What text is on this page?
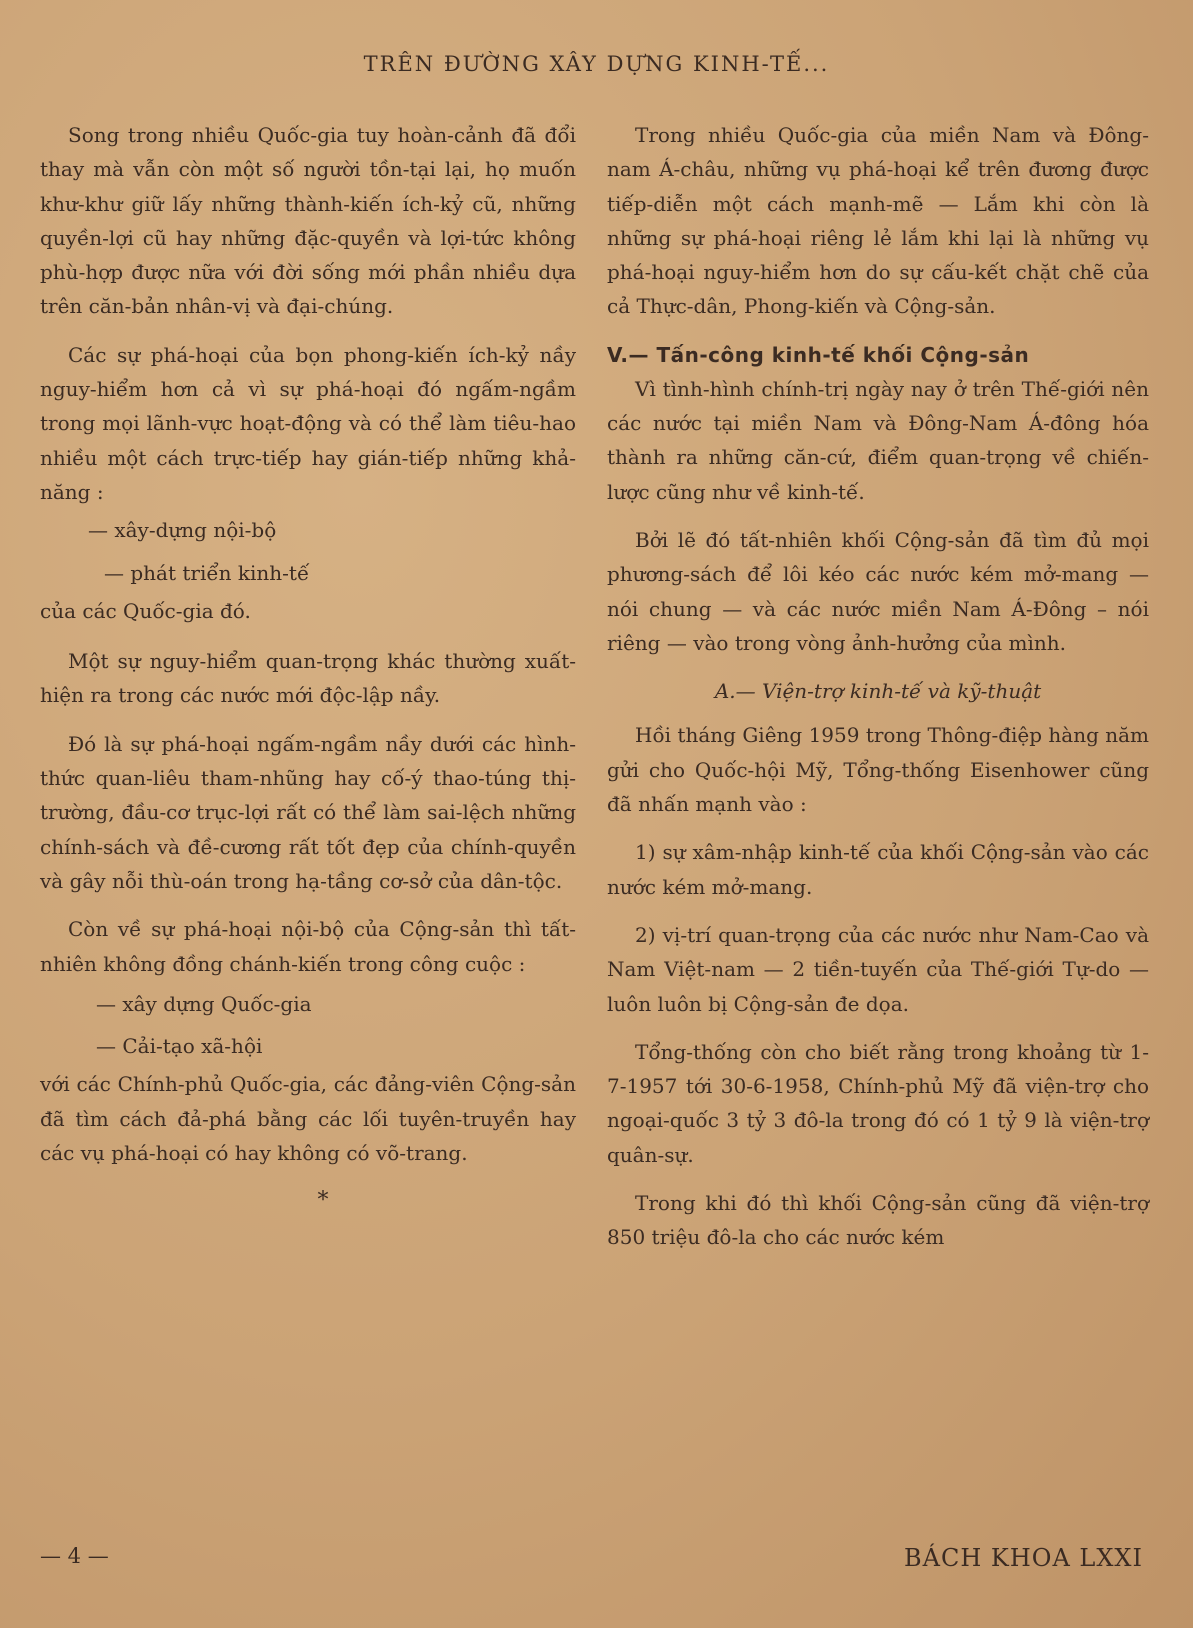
TRÊN ĐƯỜNG XÂY DỰNG KINH-TẾ...

Song trong nhiều Quốc-gia tuy hoàn-cảnh đã đổi thay mà vẫn còn một số người tồn-tại lại, họ muốn khư-khư giữ lấy những thành-kiến ích-kỷ cũ, những quyền-lợi cũ hay những đặc-quyền và lợi-tức không phù-hợp được nữa với đời sống mới phần nhiều dựa trên căn-bản nhân-vị và đại-chúng.

Các sự phá-hoại của bọn phong-kiến ích-kỷ nầy nguy-hiểm hơn cả vì sự phá-hoại đó ngấm-ngầm trong mọi lãnh-vực hoạt-động và có thể làm tiêu-hao nhiều một cách trực-tiếp hay gián-tiếp những khả-năng :

— xây-dựng nội-bộ

— phát triển kinh-tế

của các Quốc-gia đó.

Một sự nguy-hiểm quan-trọng khác thường xuất-hiện ra trong các nước mới độc-lập nầy.

Đó là sự phá-hoại ngấm-ngầm nầy dưới các hình-thức quan-liêu tham-nhũng hay cố-ý thao-túng thị-trường, đầu-cơ trục-lợi rất có thể làm sai-lệch những chính-sách và đề-cương rất tốt đẹp của chính-quyền và gây nỗi thù-oán trong hạ-tầng cơ-sở của dân-tộc.

Còn về sự phá-hoại nội-bộ của Cộng-sản thì tất-nhiên không đồng chánh-kiến trong công cuộc :

— xây dựng Quốc-gia

— Cải-tạo xã-hội

với các Chính-phủ Quốc-gia, các đảng-viên Cộng-sản đã tìm cách đả-phá bằng các lối tuyên-truyền hay các vụ phá-hoại có hay không có võ-trang.

*

Trong nhiều Quốc-gia của miền Nam và Đông-nam Á-châu, những vụ phá-hoại kể trên đương được tiếp-diễn một cách mạnh-mẽ — Lắm khi còn là những sự phá-hoại riêng lẻ lắm khi lại là những vụ phá-hoại nguy-hiểm hơn do sự cấu-kết chặt chẽ của cả Thực-dân, Phong-kiến và Cộng-sản.

V.— Tấn-công kinh-tế khối Cộng-sản

Vì tình-hình chính-trị ngày nay ở trên Thế-giới nên các nước tại miền Nam và Đông-Nam Á-đông hóa thành ra những căn-cứ, điểm quan-trọng về chiến-lược cũng như về kinh-tế.

Bởi lẽ đó tất-nhiên khối Cộng-sản đã tìm đủ mọi phương-sách để lôi kéo các nước kém mở-mang — nói chung — và các nước miền Nam Á-Đông – nói riêng — vào trong vòng ảnh-hưởng của mình.

A.— Viện-trợ kinh-tế và kỹ-thuật

Hồi tháng Giêng 1959 trong Thông-điệp hàng năm gửi cho Quốc-hội Mỹ, Tổng-thống Eisenhower cũng đã nhấn mạnh vào :

1) sự xâm-nhập kinh-tế của khối Cộng-sản vào các nước kém mở-mang.

2) vị-trí quan-trọng của các nước như Nam-Cao và Nam Việt-nam — 2 tiền-tuyến của Thế-giới Tự-do — luôn luôn bị Cộng-sản đe dọa.

Tổng-thống còn cho biết rằng trong khoảng từ 1-7-1957 tới 30-6-1958, Chính-phủ Mỹ đã viện-trợ cho ngoại-quốc 3 tỷ 3 đô-la trong đó có 1 tỷ 9 là viện-trợ quân-sự.

Trong khi đó thì khối Cộng-sản cũng đã viện-trợ 850 triệu đô-la cho các nước kém

— 4 —	BÁCH KHOA LXXI
